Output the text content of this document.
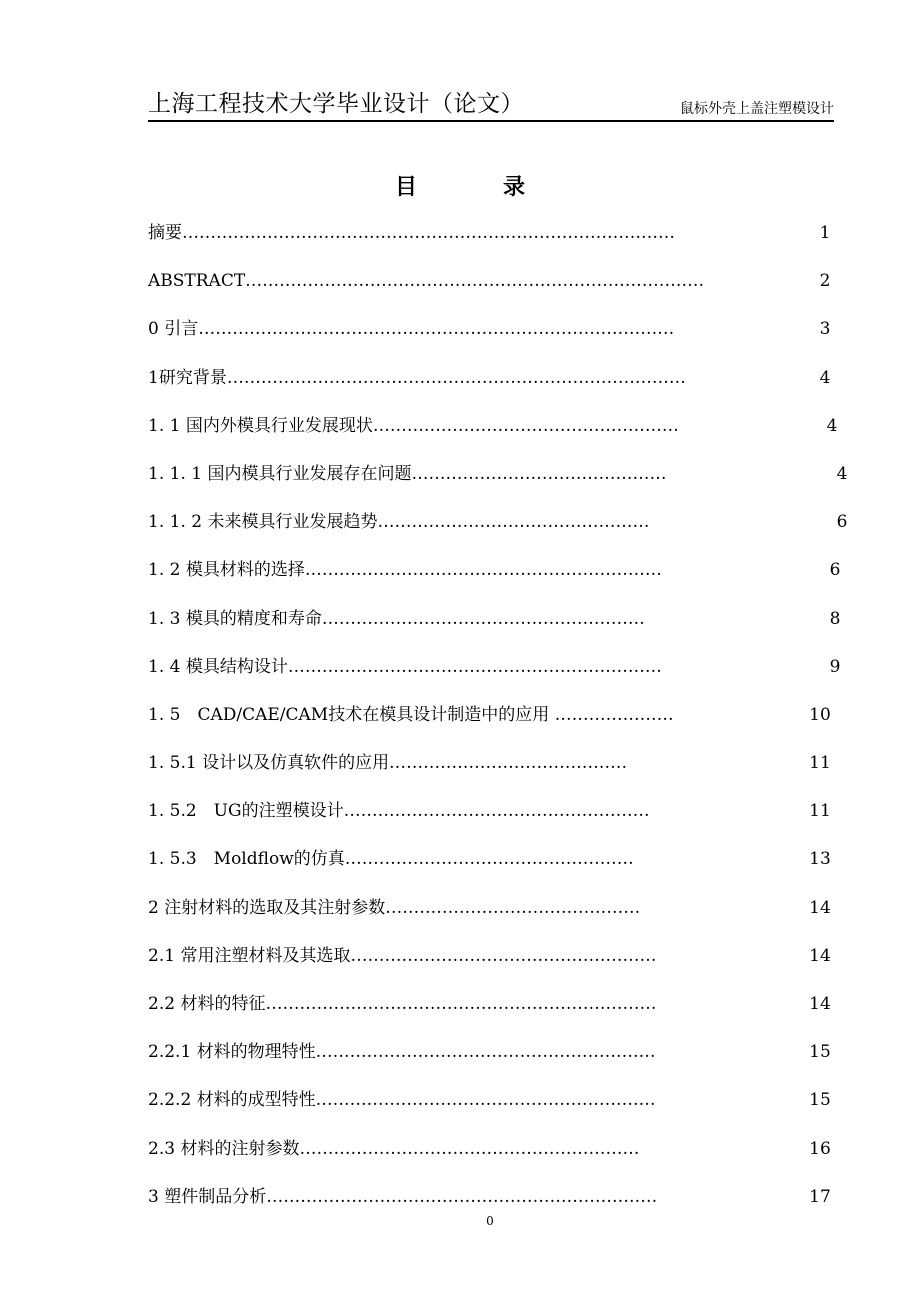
上海工程技术大学毕业设计（论文）	鼠标外壳上盖注塑模设计
目　录
摘要……………………………………………………………………………	1
ABSTRACT………………………………………………………………………	2
0 引言…………………………………………………………………………	3
1研究背景………………………………………………………………………	4
1. 1 国内外模具行业发展现状………………………………………………	4
1. 1. 1 国内模具行业发展存在问题………………………………………	4
1. 1. 2 未来模具行业发展趋势…………………………………………	6
1. 2 模具材料的选择………………………………………………………	6
1. 3 模具的精度和寿命…………………………………………………	8
1. 4 模具结构设计…………………………………………………………	9
1. 5　CAD/CAE/CAM技术在模具设计制造中的应用 …………………	10
1. 5.1 设计以及仿真软件的应用……………………………………	11
1. 5.2　UG的注塑模设计………………………………………………	11
1. 5.3　Moldflow的仿真……………………………………………	13
2 注射材料的选取及其注射参数………………………………………	14
2.1 常用注塑材料及其选取………………………………………………	14
2.2 材料的特征……………………………………………………………	14
2.2.1 材料的物理特性……………………………………………………	15
2.2.2 材料的成型特性……………………………………………………	15
2.3 材料的注射参数……………………………………………………	16
3 塑件制品分析……………………………………………………………	17
0
